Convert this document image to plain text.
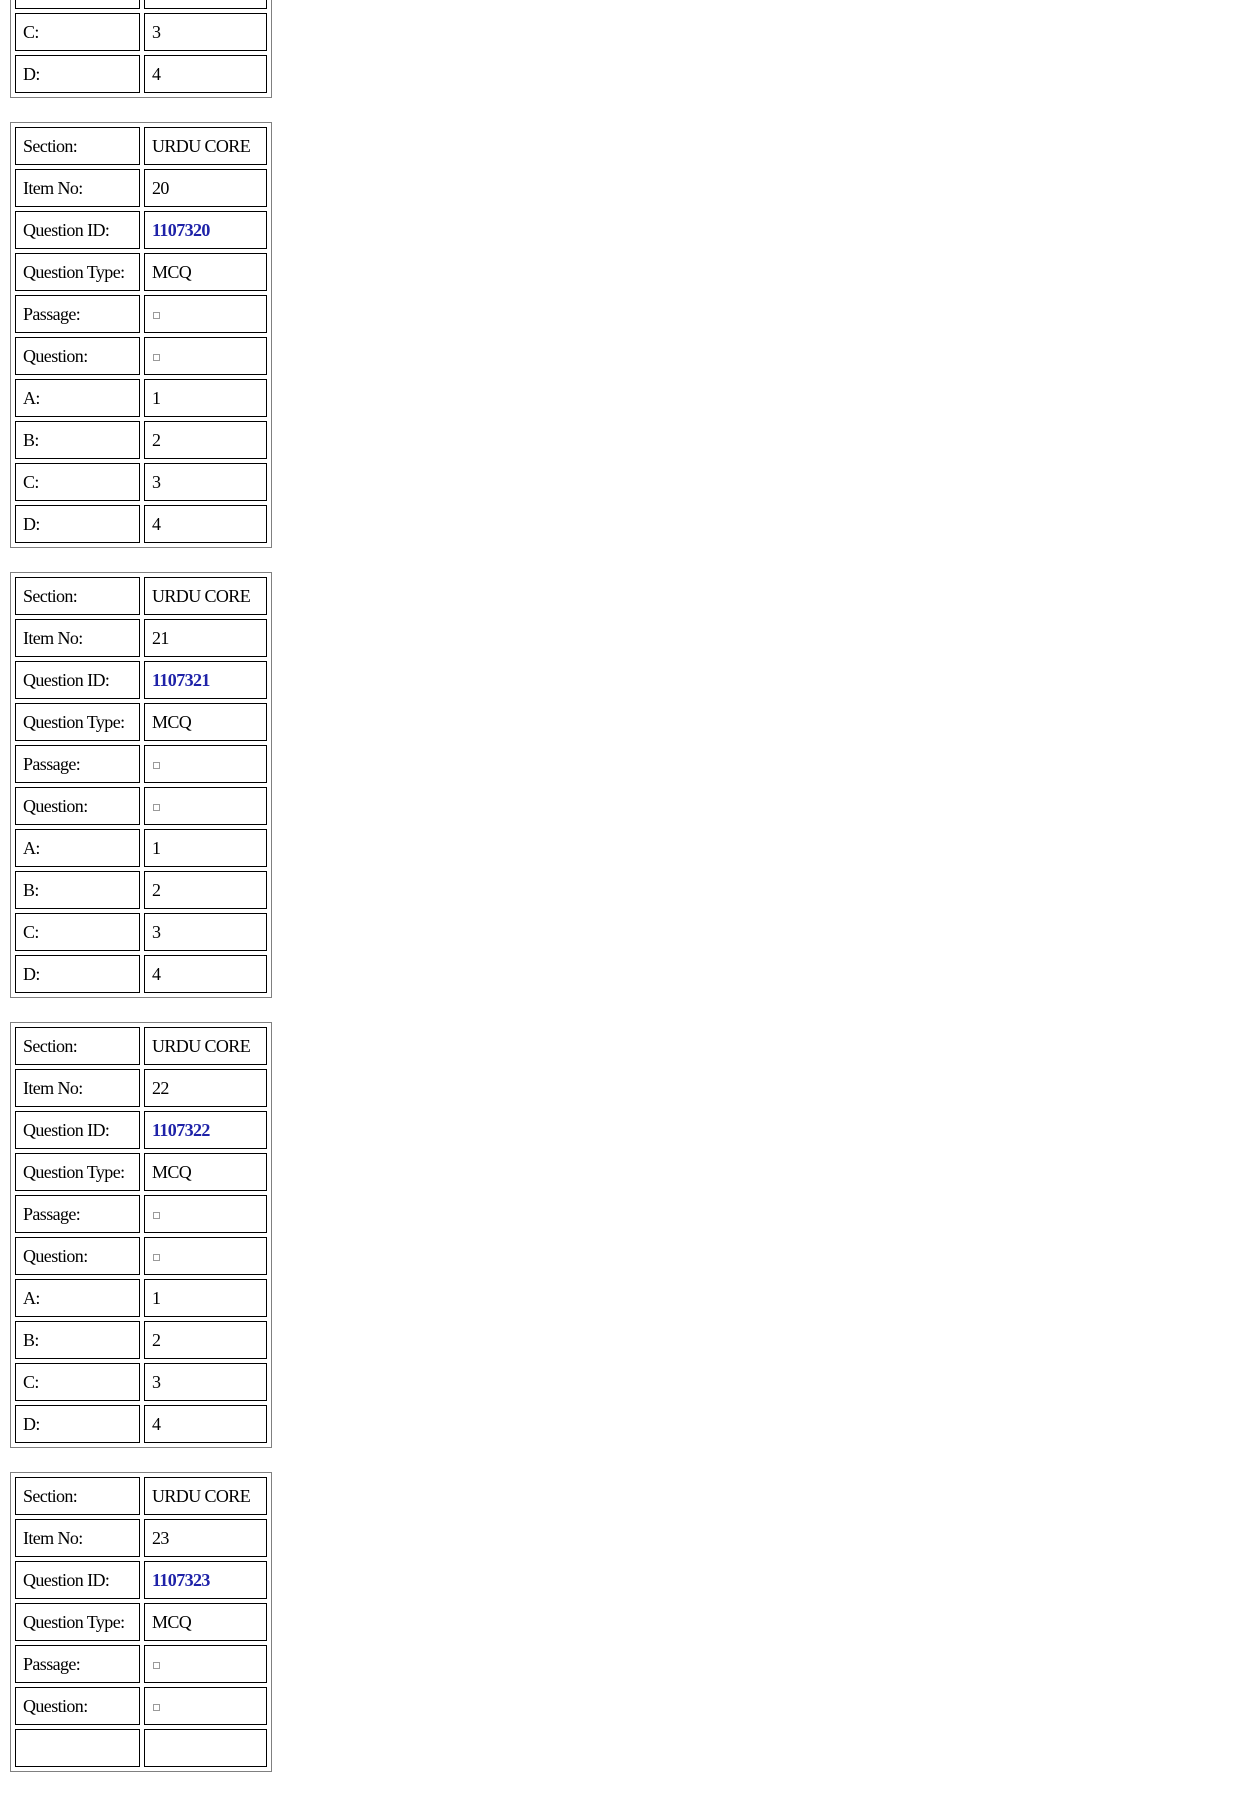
C:	3
D:	4
Section:	URDU CORE
Item No:	20
Question ID:	1107320
Question Type:	MCQ
Passage:	
Question:	
A:	1
B:	2
C:	3
D:	4
Section:	URDU CORE
Item No:	21
Question ID:	1107321
Question Type:	MCQ
Passage:	
Question:	
A:	1
B:	2
C:	3
D:	4
Section:	URDU CORE
Item No:	22
Question ID:	1107322
Question Type:	MCQ
Passage:	
Question:	
A:	1
B:	2
C:	3
D:	4
Section:	URDU CORE
Item No:	23
Question ID:	1107323
Question Type:	MCQ
Passage:	
Question:	
